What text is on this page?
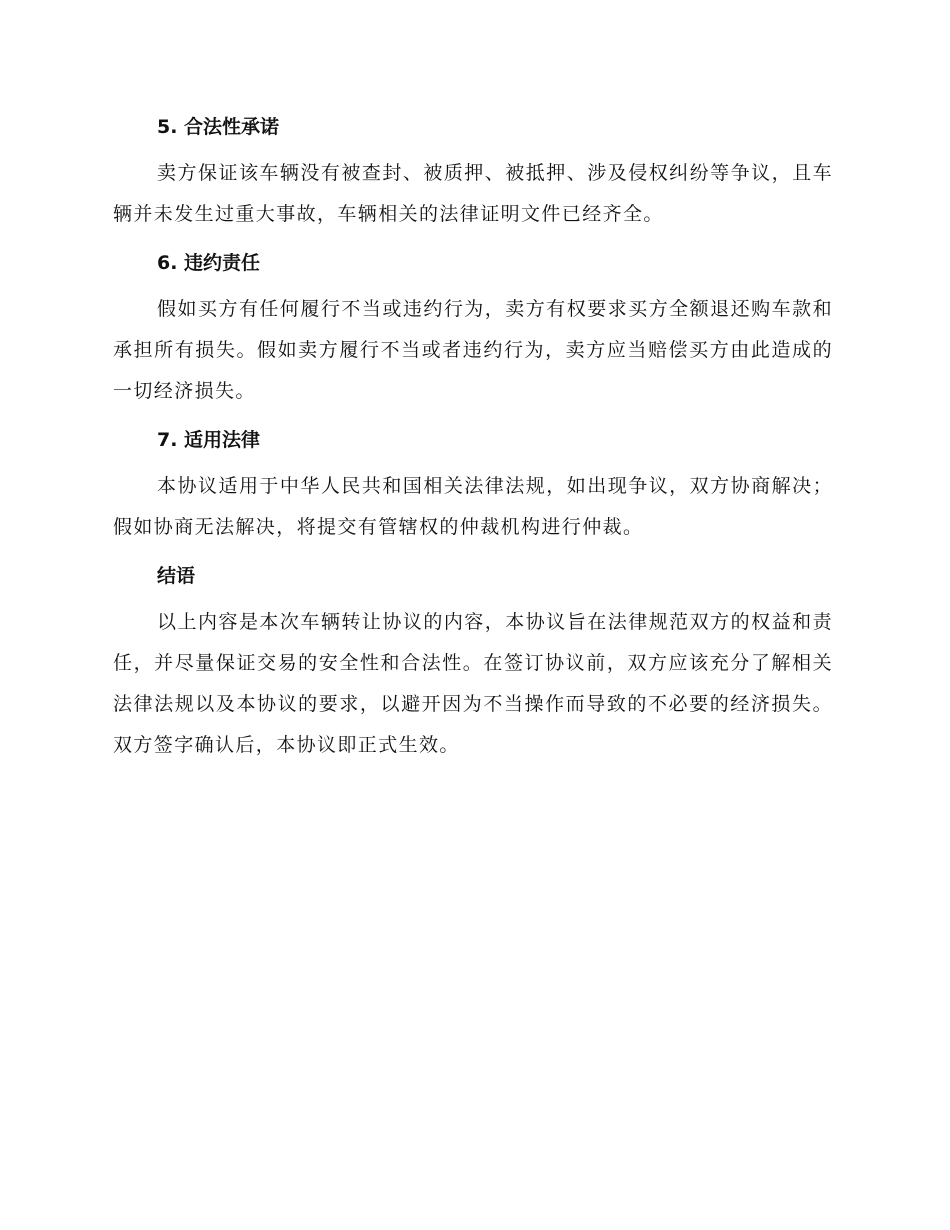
5. 合法性承诺

卖方保证该车辆没有被查封、被质押、被抵押、涉及侵权纠纷等争议，且车辆并未发生过重大事故，车辆相关的法律证明文件已经齐全。

6. 违约责任

假如买方有任何履行不当或违约行为，卖方有权要求买方全额退还购车款和承担所有损失。假如卖方履行不当或者违约行为，卖方应当赔偿买方由此造成的一切经济损失。

7. 适用法律

本协议适用于中华人民共和国相关法律法规，如出现争议，双方协商解决；假如协商无法解决，将提交有管辖权的仲裁机构进行仲裁。

结语

以上内容是本次车辆转让协议的内容，本协议旨在法律规范双方的权益和责任，并尽量保证交易的安全性和合法性。在签订协议前，双方应该充分了解相关法律法规以及本协议的要求，以避开因为不当操作而导致的不必要的经济损失。双方签字确认后，本协议即正式生效。
